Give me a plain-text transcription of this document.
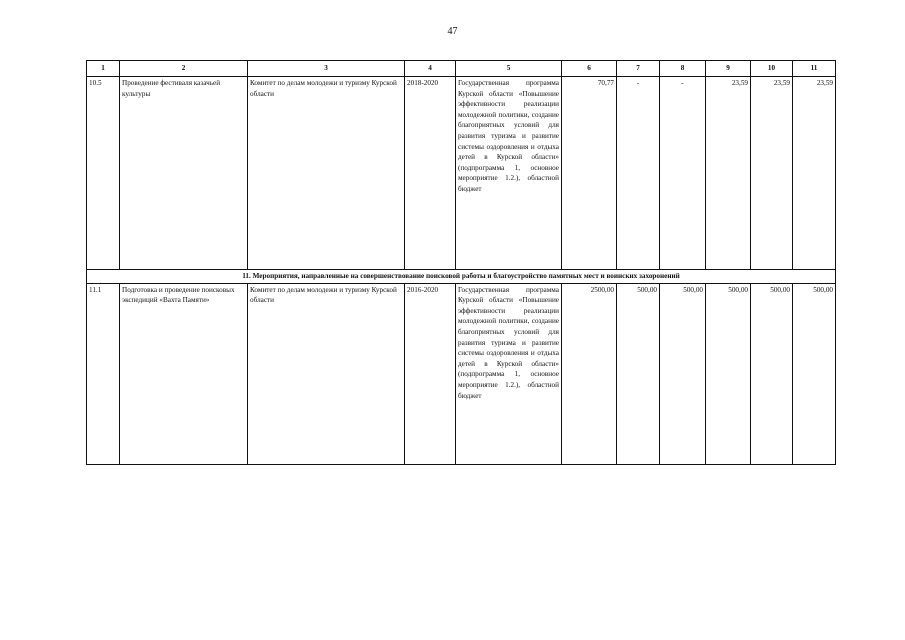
47
1	2	3	4	5	6	7	8	9	10	11
10.5	Проведение фестиваля казачьей культуры	Комитет по делам молодежи и туризму Курской области	2018-2020	Государственная программа Курской области «Повышение эффективности реализации молодежной политики, создание благоприятных условий для развития туризма и развитие системы оздоровления и отдыха детей в Курской области» (подпрограмма 1, основное мероприятие 1.2.), областной бюджет	70,77	-	-	23,59	23,59	23,59
11. Мероприятия, направленные на совершенствование поисковой работы и благоустройство памятных мест и воинских захоронений										
11.1	Подготовка и проведение поисковых экспедиций «Вахта Памяти»	Комитет по делам молодежи и туризму Курской области	2016-2020	Государственная программа Курской области «Повышение эффективности реализации молодежной политики, создание благоприятных условий для развития туризма и развитие системы оздоровления и отдыха детей в Курской области» (подпрограмма 1, основное мероприятие 1.2.), областной бюджет	2500,00	500,00	500,00	500,00	500,00	500,00
